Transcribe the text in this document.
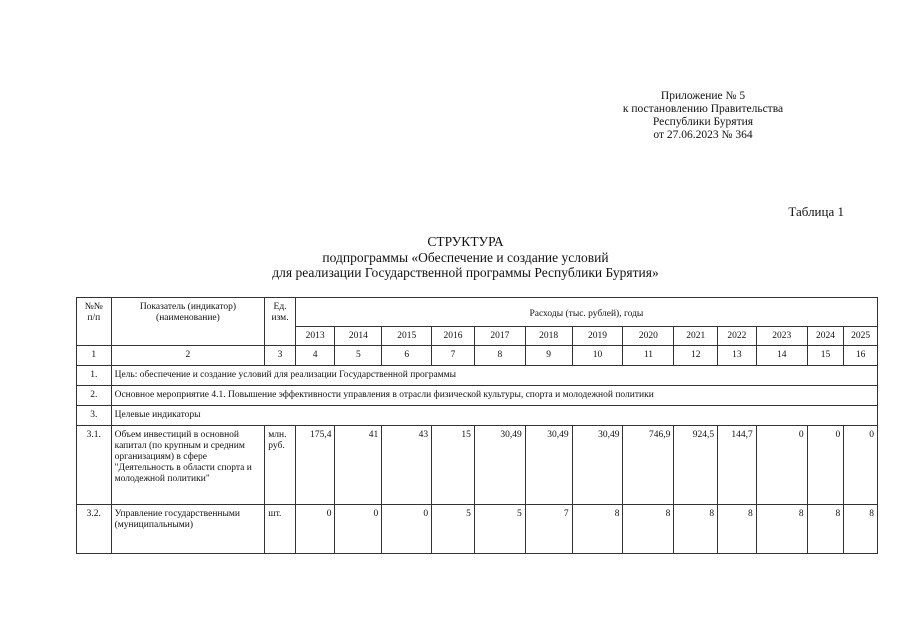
Приложение № 5
к постановлению Правительства
Республики Бурятия
от 27.06.2023 № 364
Таблица 1
СТРУКТУРА
подпрограммы «Обеспечение и создание условий
для реализации Государственной программы Республики Бурятия»
№№ п/п	Показатель (индикатор) (наименование)	Ед. изм.	Расходы (тыс. рублей), годы												
			2013	2014	2015	2016	2017	2018	2019	2020	2021	2022	2023	2024	2025
1	2	3	4	5	6	7	8	9	10	11	12	13	14	15	16
1.	Цель: обеспечение и создание условий для реализации Государственной программы														
2.	Основное мероприятие 4.1. Повышение эффективности управления в отрасли физической культуры, спорта и молодежной политики														
3.	Целевые индикаторы														
3.1.	Объем инвестиций в основной капитал (по крупным и средним организациям) в сфере "Деятельность в области спорта и молодежной политики"	млн. руб.	175,4	41	43	15	30,49	30,49	30,49	746,9	924,5	144,7	0	0	0
3.2.	Управление государственными (муниципальными)	шт.	0	0	0	5	5	7	8	8	8	8	8	8	8
